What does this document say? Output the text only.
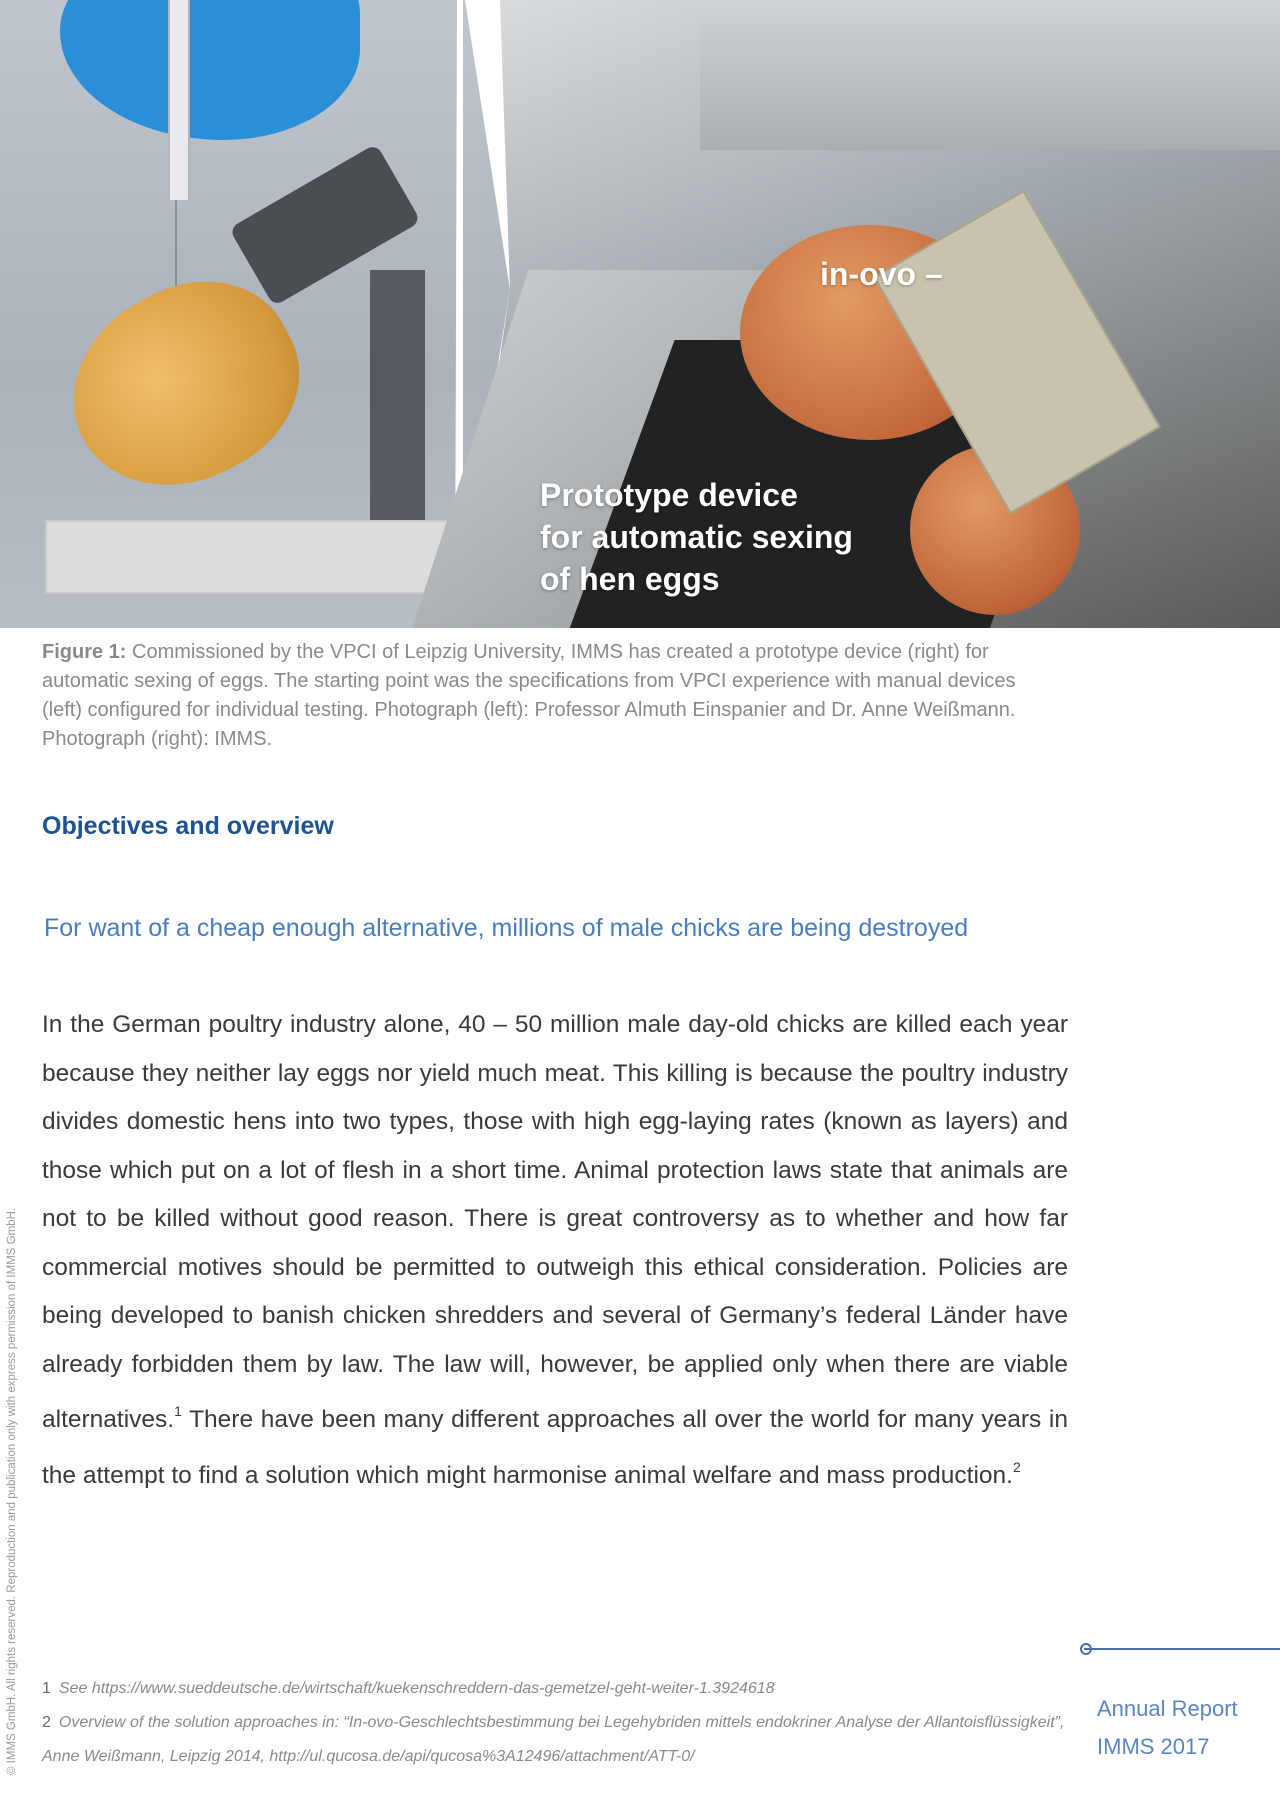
in-ovo –
Prototype device
for automatic sexing
of hen eggs
Figure 1: Commissioned by the VPCI of Leipzig University, IMMS has created a prototype device (right) for automatic sexing of eggs. The starting point was the specifications from VPCI experience with manual devices (left) configured for individual testing. Photograph (left): Professor Almuth Einspanier and Dr. Anne Weißmann. Photograph (right): IMMS.
Objectives and overview
For want of a cheap enough alternative, millions of male chicks are being destroyed
In the German poultry industry alone, 40 – 50 million male day-old chicks are killed each year because they neither lay eggs nor yield much meat. This killing is because the poultry industry divides domestic hens into two types, those with high egg-laying rates (known as layers) and those which put on a lot of flesh in a short time. Animal protection laws state that animals are not to be killed without good reason. There is great controversy as to whether and how far commercial motives should be permitted to outweigh this ethical consideration. Policies are being developed to banish chicken shredders and several of Germany’s federal Länder have already forbidden them by law. The law will, however, be applied only when there are viable alternatives.$^1$ There have been many different approaches all over the world for many years in the attempt to find a solution which might harmonise animal welfare and mass production.$^2$
© IMMS GmbH. All rights reserved. Reproduction and publication only with express permission of IMMS GmbH. 1 See https://www.sueddeutsche.de/wirtschaft/kuekenschreddern-das-gemetzel-geht-weiter-1.3924618
2 Overview of the solution approaches in: “In-ovo-Geschlechtsbestimmung bei Legehybriden mittels endokriner Analyse der Allantoisflüssigkeit”, Anne Weißmann, Leipzig 2014, http://ul.qucosa.de/api/qucosa%3A12496/attachment/ATT-0/
Annual Report
IMMS 2017
